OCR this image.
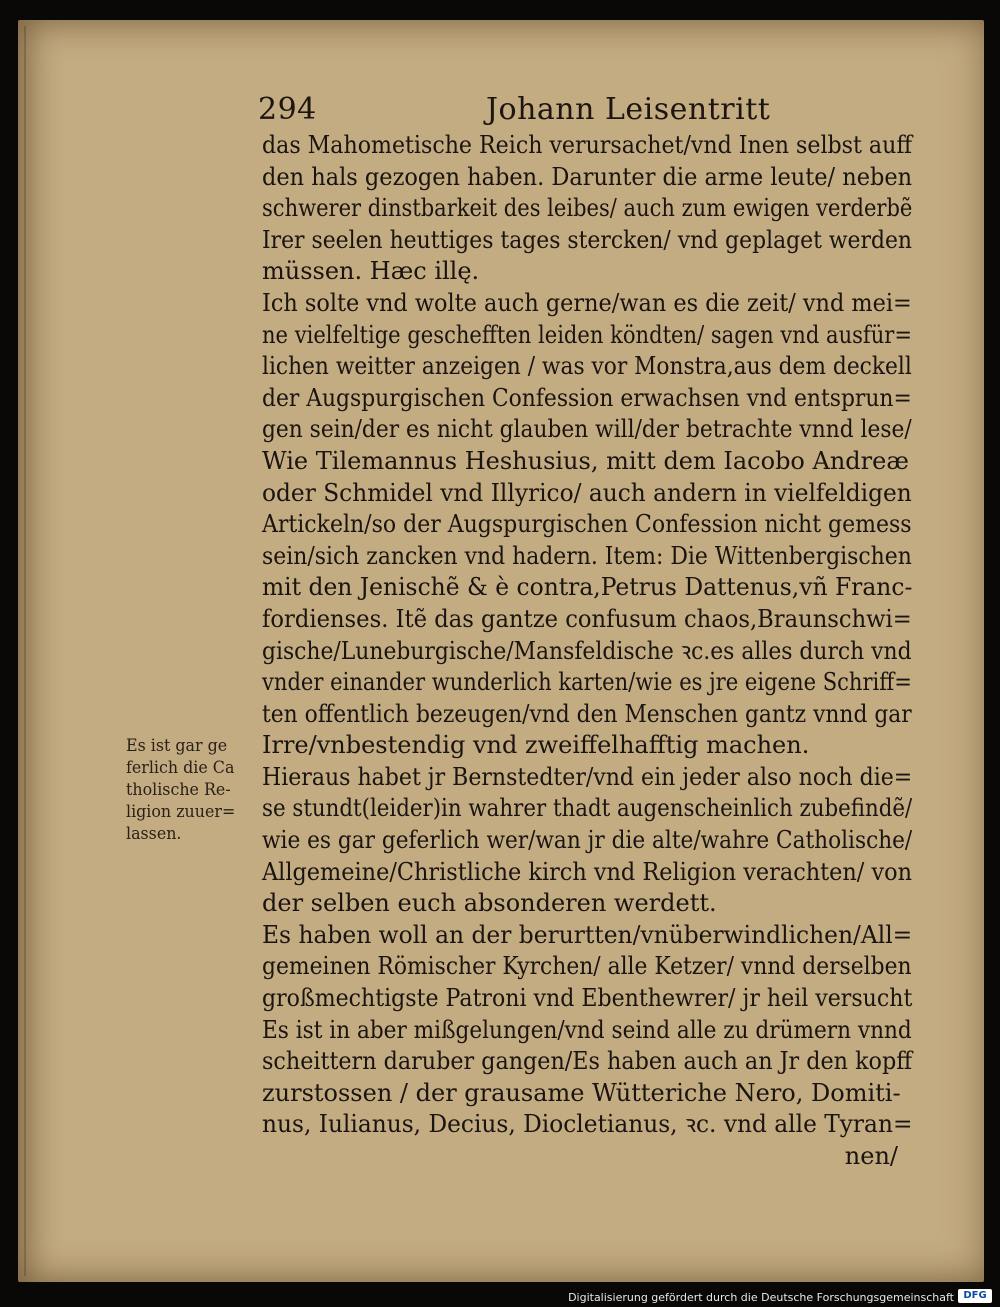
294	Johann Leisentritt
das Mahometische Reich verursachet/vnd Inen selbst auff
den hals gezogen haben. Darunter die arme leute/ neben
schwerer dinstbarkeit des leibes/ auch zum ewigen verderbẽ
Irer seelen heuttiges tages stercken/ vnd geplaget werden
müssen. Hæc illę.
Ich solte vnd wolte auch gerne/wan es die zeit/ vnd mei=
ne vielfeltige geschefften leiden köndten/ sagen vnd ausfür=
lichen weitter anzeigen / was vor Monstra,aus dem deckell
der Augspurgischen Confession erwachsen vnd entsprun=
gen sein/der es nicht glauben will/der betrachte vnnd lese/
Wie Tilemannus Heshusius, mitt dem Iacobo Andreæ
oder Schmidel vnd Illyrico/ auch andern in vielfeldigen
Artickeln/so der Augspurgischen Confession nicht gemess
sein/sich zancken vnd hadern. Item: Die Wittenbergischen
mit den Jenischẽ & è contra,Petrus Dattenus,vñ Franc-
fordienses. Itẽ das gantze confusum chaos,Braunschwi=
gische/Luneburgische/Mansfeldische ꝛc.es alles durch vnd
vnder einander wunderlich karten/wie es jre eigene Schriff=
ten offentlich bezeugen/vnd den Menschen gantz vnnd gar
Irre/vnbestendig vnd zweiffelhafftig machen.
Hieraus habet jr Bernstedter/vnd ein jeder also noch die=
se stundt(leider)in wahrer thadt augenscheinlich zubefindẽ/
wie es gar geferlich wer/wan jr die alte/wahre Catholische/
Allgemeine/Christliche kirch vnd Religion verachten/ von
der selben euch absonderen werdett.
Es haben woll an der berurtten/vnüberwindlichen/All=
gemeinen Römischer Kyrchen/ alle Ketzer/ vnnd derselben
großmechtigste Patroni vnd Ebenthewrer/ jr heil versucht
Es ist in aber mißgelungen/vnd seind alle zu drümern vnnd
scheittern daruber gangen/Es haben auch an Jr den kopff
zurstossen / der grausame Wütteriche Nero, Domiti-
nus, Iulianus, Decius, Diocletianus, ꝛc. vnd alle Tyran=
nen/
Es ist gar ge
ferlich die Ca
tholische Re-
ligion zuuer=
lassen.
Digitalisierung gefördert durch die Deutsche Forschungsgemeinschaft DFG
